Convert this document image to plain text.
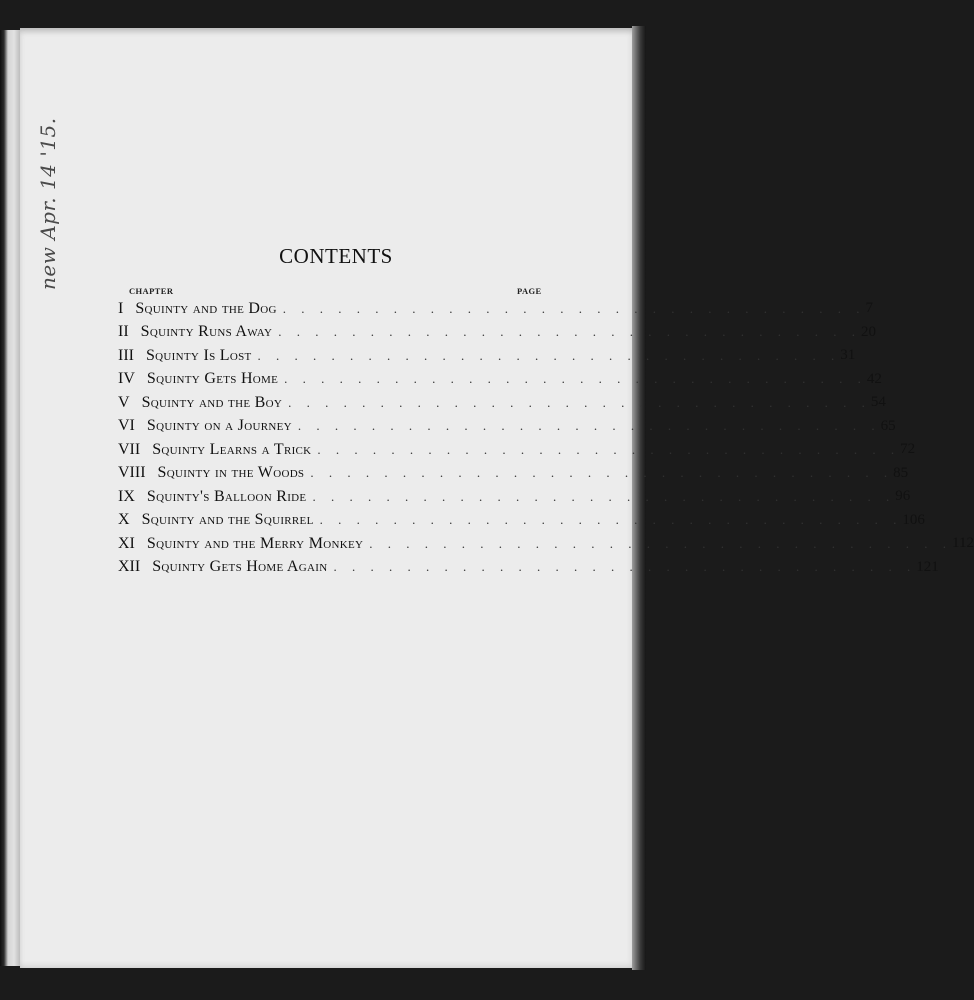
new Apr. 14 '15.	CONTENTS
CHAPTER	PAGE
I Squinty and the Dog . . . . . . . . . . . . . . . . . . . . . . . . . . . . . . . . 7
II Squinty Runs Away . . . . . . . . . . . . . . . . . . . . . . . . . . . . . . . . 20
III Squinty Is Lost . . . . . . . . . . . . . . . . . . . . . . . . . . . . . . . . 31
IV Squinty Gets Home . . . . . . . . . . . . . . . . . . . . . . . . . . . . . . . . 42
V Squinty and the Boy . . . . . . . . . . . . . . . . . . . . . . . . . . . . . . . . 54
VI Squinty on a Journey . . . . . . . . . . . . . . . . . . . . . . . . . . . . . . . . 65
VII Squinty Learns a Trick . . . . . . . . . . . . . . . . . . . . . . . . . . . . . . . . 72
VIII Squinty in the Woods . . . . . . . . . . . . . . . . . . . . . . . . . . . . . . . . 85
IX Squinty's Balloon Ride . . . . . . . . . . . . . . . . . . . . . . . . . . . . . . . . 96
X Squinty and the Squirrel . . . . . . . . . . . . . . . . . . . . . . . . . . . . . . . . 106
XI Squinty and the Merry Monkey . . . . . . . . . . . . . . . . . . . . . . . . . . . . . . . . 112
XII Squinty Gets Home Again . . . . . . . . . . . . . . . . . . . . . . . . . . . . . . . . 121
